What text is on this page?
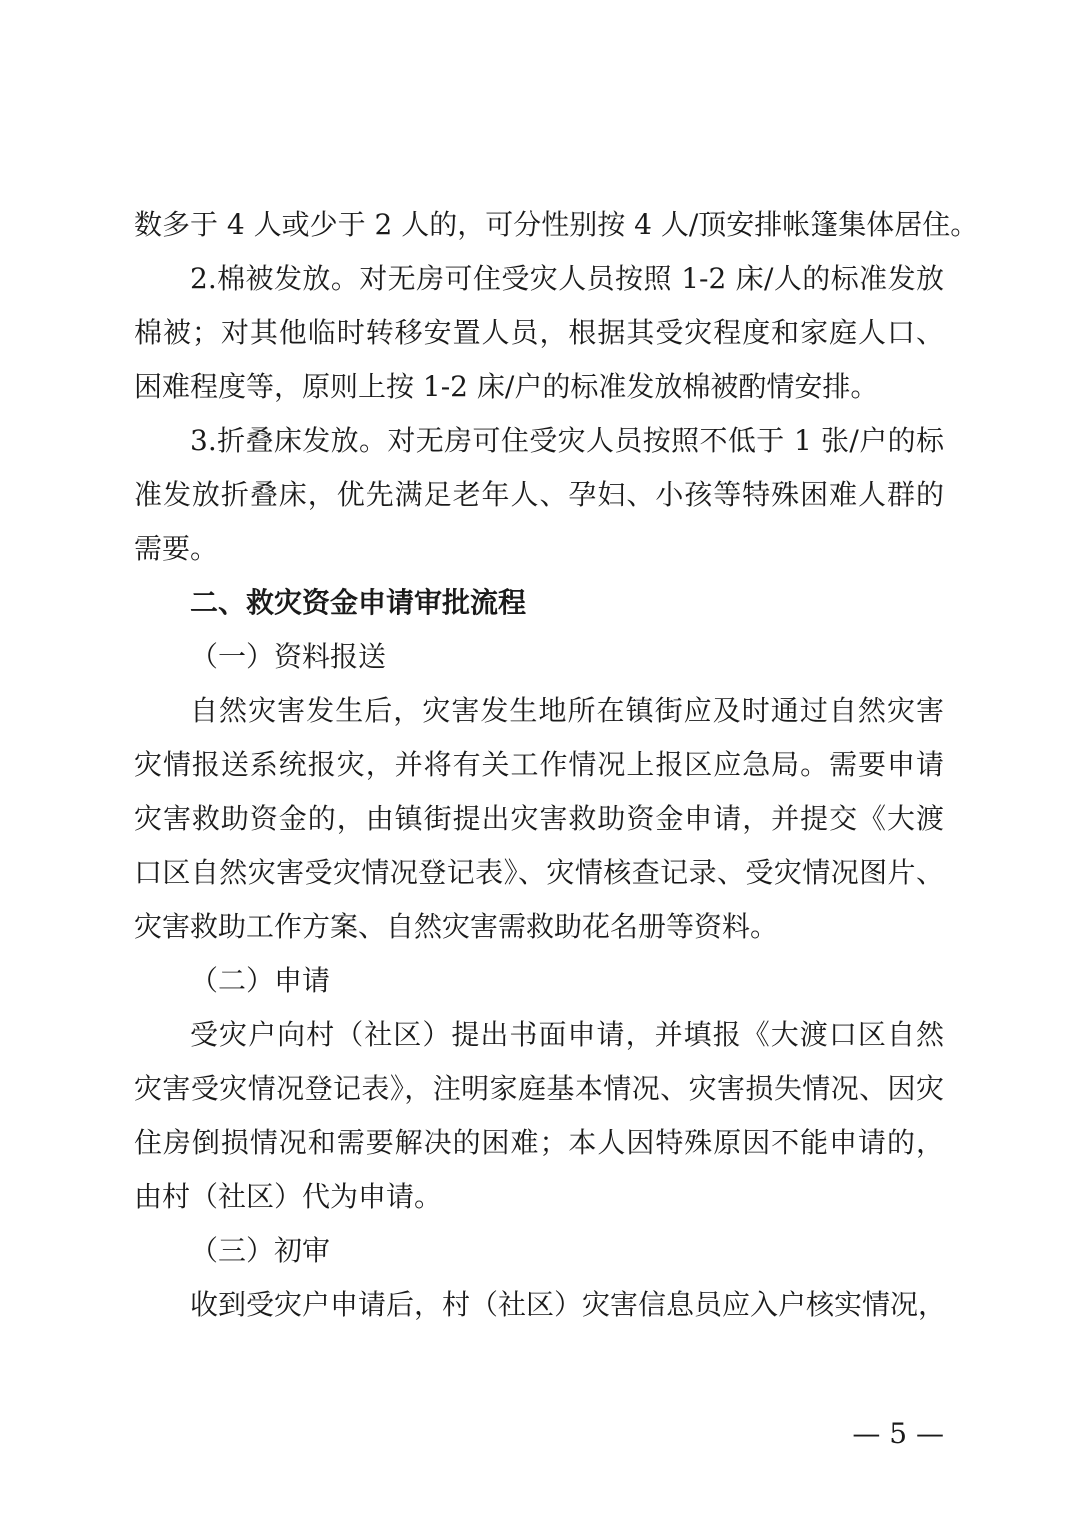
数多于 4 人或少于 2 人的，可分性别按 4 人/顶安排帐篷集体居住。
2.棉被发放。对无房可住受灾人员按照 1-2 床/人的标准发放
棉被；对其他临时转移安置人员，根据其受灾程度和家庭人口、
困难程度等，原则上按 1-2 床/户的标准发放棉被酌情安排。
3.折叠床发放。对无房可住受灾人员按照不低于 1 张/户的标
准发放折叠床，优先满足老年人、孕妇、小孩等特殊困难人群的
需要。
二、救灾资金申请审批流程
（一）资料报送
自然灾害发生后，灾害发生地所在镇街应及时通过自然灾害
灾情报送系统报灾，并将有关工作情况上报区应急局。需要申请
灾害救助资金的，由镇街提出灾害救助资金申请，并提交《大渡
口区自然灾害受灾情况登记表》、灾情核查记录、受灾情况图片、
灾害救助工作方案、自然灾害需救助花名册等资料。
（二）申请
受灾户向村（社区）提出书面申请，并填报《大渡口区自然
灾害受灾情况登记表》，注明家庭基本情况、灾害损失情况、因灾
住房倒损情况和需要解决的困难；本人因特殊原因不能申请的，
由村（社区）代为申请。
（三）初审
收到受灾户申请后，村（社区）灾害信息员应入户核实情况，
— 5 —
